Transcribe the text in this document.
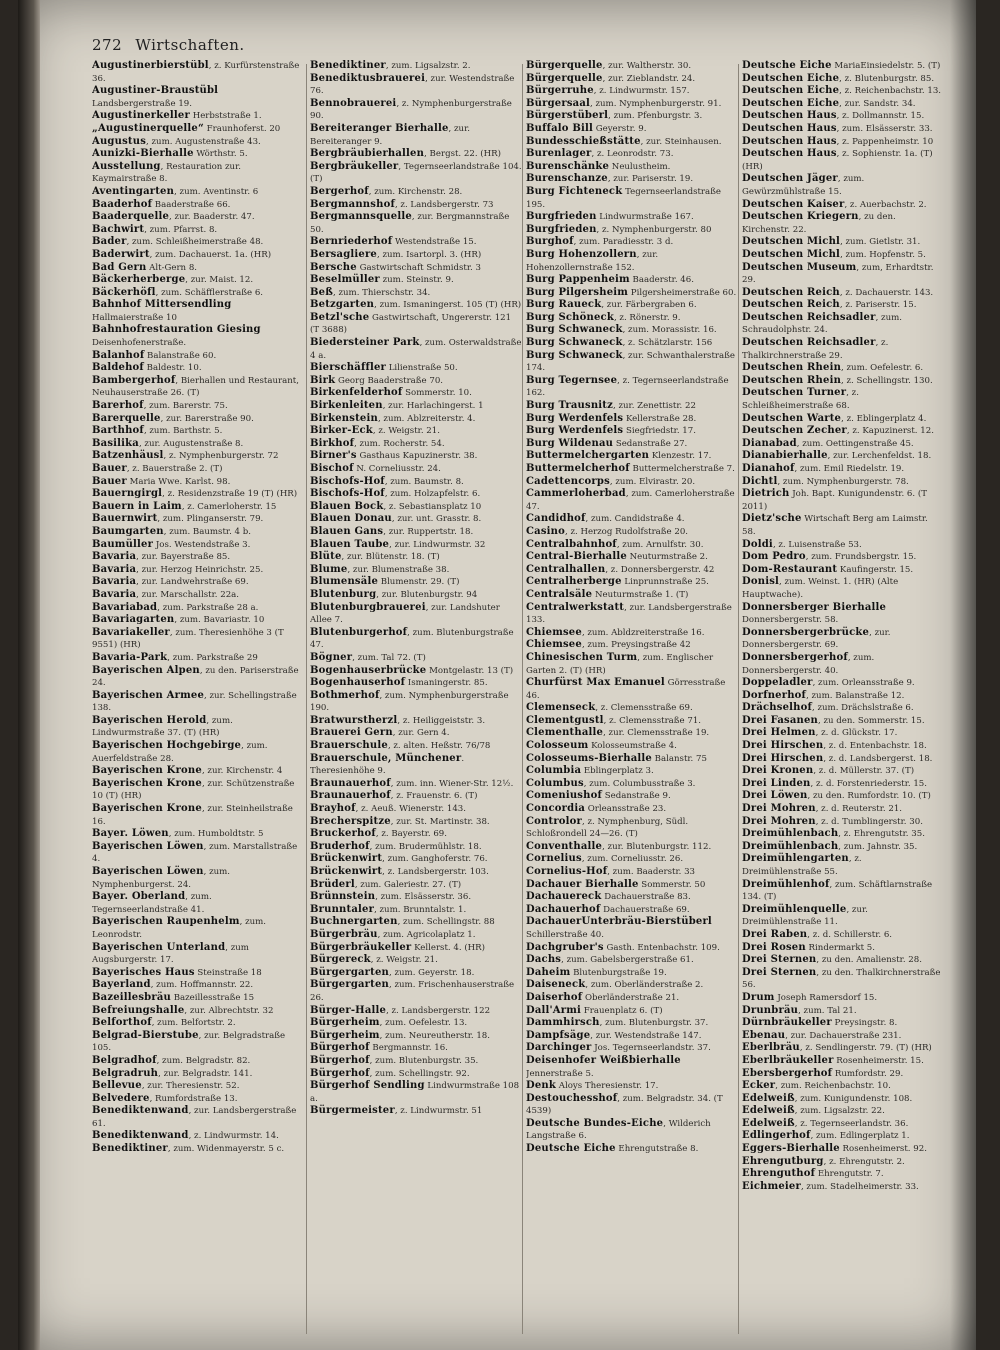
272 Wirtschaften.

Augustinerbierstübl, z. Kurfürstenstraße 36.

Augustiner-Braustübl Landsbergerstraße 19.

Augustinerkeller Herbststraße 1.

„Augustinerquelle“ Fraunhoferst. 20

Augustus, zum. Augustenstraße 43.

Aunizki-Bierhalle Wörthstr. 5.

Ausstellung, Restauration zur. Kaymairstraße 8.

Aventingarten, zum. Aventinstr. 6

Baaderhof Baaderstraße 66.

Baaderquelle, zur. Baaderstr. 47.

Bachwirt, zum. Pfarrst. 8.

Bader, zum. Schleißheimerstraße 48.

Baderwirt, zum. Dachauerst. 1a. (HR)

Bad Gern Alt-Gern 8.

Bäckerherberge, zur. Maist. 12.

Bäckerhöfl, zum. Schäfflerstraße 6.

Bahnhof Mittersendling Hallmaierstraße 10

Bahnhofrestauration Giesing Deisenhofenerstraße.

Balanhof Balanstraße 60.

Baldehof Baldestr. 10.

Bambergerhof, Bierhallen und Restaurant, Neuhauserstraße 26. (T)

Barerhof, zum. Barerstr. 75.

Barerquelle, zur. Barerstraße 90.

Barthhof, zum. Barthstr. 5.

Basilika, zur. Augustenstraße 8.

Batzenhäusl, z. Nymphenburgerstr. 72

Bauer, z. Bauerstraße 2. (T)

Bauer Maria Wwe. Karlst. 98.

Bauerngirgl, z. Residenzstraße 19 (T) (HR)

Bauern in Laim, z. Camerloherstr. 15

Bauernwirt, zum. Plinganserstr. 79.

Baumgarten, zum. Baumstr. 4 b.

Baumüller Jos. Westendstraße 3.

Bavaria, zur. Bayerstraße 85.

Bavaria, zur. Herzog Heinrichstr. 25.

Bavaria, zur. Landwehrstraße 69.

Bavaria, zur. Marschallstr. 22a.

Bavariabad, zum. Parkstraße 28 a.

Bavariagarten, zum. Bavariastr. 10

Bavariakeller, zum. Theresienhöhe 3 (T 9551) (HR)

Bavaria-Park, zum. Parkstraße 29

Bayerischen Alpen, zu den. Pariserstraße 24.

Bayerischen Armee, zur. Schellingstraße 138.

Bayerischen Herold, zum. Lindwurmstraße 37. (T) (HR)

Bayerischen Hochgebirge, zum. Auerfeldstraße 28.

Bayerischen Krone, zur. Kirchenstr. 4

Bayerischen Krone, zur. Schützenstraße 10 (T) (HR)

Bayerischen Krone, zur. Steinheilstraße 16.

Bayer. Löwen, zum. Humboldtstr. 5

Bayerischen Löwen, zum. Marstallstraße 4.

Bayerischen Löwen, zum. Nymphenburgerst. 24.

Bayer. Oberland, zum. Tegernseerlandstraße 41.

Bayerischen Raupenhelm, zum. Leonrodstr.

Bayerischen Unterland, zum Augsburgerstr. 17.

Bayerisches Haus Steinstraße 18

Bayerland, zum. Hoffmannstr. 22.

Bazeillesbräu Bazeillesstraße 15

Befreiungshalle, zur. Albrechtstr. 32

Belforthof, zum. Belfortstr. 2.

Belgrad-Bierstube, zur. Belgradstraße 105.

Belgradhof, zum. Belgradstr. 82.

Belgradruh, zur. Belgradstr. 141.

Bellevue, zur. Theresienstr. 52.

Belvedere, Rumfordstraße 13.

Benediktenwand, zur. Landsbergerstraße 61.

Benediktenwand, z. Lindwurmstr. 14.

Benediktiner, zum. Widenmayerstr. 5 c.

Benediktiner, zum. Ligsalzstr. 2.

Benediktusbrauerei, zur. Westendstraße 76.

Bennobrauerei, z. Nymphenburgerstraße 90.

Bereiteranger Bierhalle, zur. Bereiteranger 9.

Bergbräubierhallen, Bergst. 22. (HR)

Bergbräukeller, Tegernseerlandstraße 104. (T)

Bergerhof, zum. Kirchenstr. 28.

Bergmannshof, z. Landsbergerstr. 73

Bergmannsquelle, zur. Bergmannstraße 50.

Bernriederhof Westendstraße 15.

Bersagliere, zum. Isartorpl. 3. (HR)

Bersche Gastwirtschaft Schmidstr. 3

Beselmüller zum. Steinstr. 9.

Beß, zum. Thierschstr. 34.

Betzgarten, zum. Ismaningerst. 105 (T) (HR)

Betzl'sche Gastwirtschaft, Ungererstr. 121 (T 3688)

Biedersteiner Park, zum. Osterwaldstraße 4 a.

Bierschäffler Lilienstraße 50.

Birk Georg Baaderstraße 70.

Birkenfelderhof Sommerstr. 10.

Birkenleiten, zur. Harlachingerst. 1

Birkenstein, zum. Ablzreiterstr. 4.

Birker-Eck, z. Weigstr. 21.

Birkhof, zum. Rocherstr. 54.

Birner's Gasthaus Kapuzinerstr. 38.

Bischof N. Corneliusstr. 24.

Bischofs-Hof, zum. Baumstr. 8.

Bischofs-Hof, zum. Holzapfelstr. 6.

Blauen Bock, z. Sebastiansplatz 10

Blauen Donau, zur. unt. Grasstr. 8.

Blauen Gans, zur. Ruppertstr. 18.

Blauen Taube, zur. Lindwurmstr. 32

Blüte, zur. Blütenstr. 18. (T)

Blume, zur. Blumenstraße 38.

Blumensäle Blumenstr. 29. (T)

Blutenburg, zur. Blutenburgstr. 94

Blutenburgbrauerei, zur. Landshuter Allee 7.

Blutenburgerhof, zum. Blutenburgstraße 47.

Bögner, zum. Tal 72. (T)

Bogenhauserbrücke Montgelastr. 13 (T)

Bogenhauserhof Ismaningerstr. 85.

Bothmerhof, zum. Nymphenburgerstraße 190.

Bratwurstherzl, z. Heiliggeiststr. 3.

Brauerei Gern, zur. Gern 4.

Brauerschule, z. alten. Heßstr. 76/78

Brauerschule, Münchener. Theresienhöhe 9.

Braunauerhof, zum. inn. Wiener-Str. 12½.

Braunauerhof, z. Frauenstr. 6. (T)

Brayhof, z. Aeuß. Wienerstr. 143.

Brecherspitze, zur. St. Martinstr. 38.

Bruckerhof, z. Bayerstr. 69.

Bruderhof, zum. Brudermühlstr. 18.

Brückenwirt, zum. Ganghoferstr. 76.

Brückenwirt, z. Landsbergerstr. 103.

Brüderl, zum. Galeriestr. 27. (T)

Brünnstein, zum. Elsässerstr. 36.

Brunntaler, zum. Brunntalstr. 1.

Buchnergarten, zum. Schellingstr. 88

Bürgerbräu, zum. Agricolaplatz 1.

Bürgerbräukeller Kellerst. 4. (HR)

Bürgereck, z. Weigstr. 21.

Bürgergarten, zum. Geyerstr. 18.

Bürgergarten, zum. Frischenhauserstraße 26.

Bürger-Halle, z. Landsbergerstr. 122

Bürgerheim, zum. Oefelestr. 13.

Bürgerheim, zum. Neureutherstr. 18.

Bürgerhof Bergmannstr. 16.

Bürgerhof, zum. Blutenburgstr. 35.

Bürgerhof, zum. Schellingstr. 92.

Bürgerhof Sendling Lindwurmstraße 108 a.

Bürgermeister, z. Lindwurmstr. 51

Bürgerquelle, zur. Waltherstr. 30.

Bürgerquelle, zur. Zieblandstr. 24.

Bürgerruhe, z. Lindwurmstr. 157.

Bürgersaal, zum. Nymphenburgerstr. 91.

Bürgerstüberl, zum. Pfenburgstr. 3.

Buffalo Bill Geyerstr. 9.

Bundesschießstätte, zur. Steinhausen.

Burenlager, z. Leonrodstr. 73.

Burenschänke Neulustheim.

Burenschanze, zur. Pariserstr. 19.

Burg Fichteneck Tegernseerlandstraße 195.

Burgfrieden Lindwurmstraße 167.

Burgfrieden, z. Nymphenburgerstr. 80

Burghof, zum. Paradiesstr. 3 d.

Burg Hohenzollern, zur. Hohenzollernstraße 152.

Burg Pappenheim Baaderstr. 46.

Burg Pilgersheim Pilgersheimerstraße 60.

Burg Raueck, zur. Färbergraben 6.

Burg Schöneck, z. Rönerstr. 9.

Burg Schwaneck, zum. Morassistr. 16.

Burg Schwaneck, z. Schätzlarstr. 156

Burg Schwaneck, zur. Schwanthalerstraße 174.

Burg Tegernsee, z. Tegernseerlandstraße 162.

Burg Trausnitz, zur. Zenettistr. 22

Burg Werdenfels Kellerstraße 28.

Burg Werdenfels Siegfriedstr. 17.

Burg Wildenau Sedanstraße 27.

Buttermelchergarten Klenzestr. 17.

Buttermelcherhof Buttermelcherstraße 7.

Cadettencorps, zum. Elvirastr. 20.

Cammerloherbad, zum. Camerloherstraße 47.

Candidhof, zum. Candidstraße 4.

Casino, z. Herzog Rudolfstraße 20.

Centralbahnhof, zum. Arnulfstr. 30.

Central-Bierhalle Neuturmstraße 2.

Centralhallen, z. Donnersbergerstr. 42

Centralherberge Linprunnstraße 25.

Centralsäle Neuturmstraße 1. (T)

Centralwerkstatt, zur. Landsbergerstraße 133.

Chiemsee, zum. Abldzreiterstraße 16.

Chiemsee, zum. Preysingstraße 42

Chinesischen Turm, zum. Englischer Garten 2. (T) (HR)

Churfürst Max Emanuel Görresstraße 46.

Clemenseck, z. Clemensstraße 69.

Clementgustl, z. Clemensstraße 71.

Clementhalle, zur. Clemensstraße 19.

Colosseum Kolosseumstraße 4.

Colosseums-Bierhalle Balanstr. 75

Columbia Eblingerplatz 3.

Columbus, zum. Columbusstraße 3.

Comeniushof Sedanstraße 9.

Concordia Orleansstraße 23.

Controlor, z. Nymphenburg, Südl. Schloßrondell 24—26. (T)

Conventhalle, zur. Blutenburgstr. 112.

Cornelius, zum. Corneliusstr. 26.

Cornelius-Hof, zum. Baaderstr. 33

Dachauer Bierhalle Sommerstr. 50

Dachauereck Dachauerstraße 83.

Dachauerhof Dachauerstraße 69.

DachauerUnterbräu-Bierstüberl Schillerstraße 40.

Dachgruber's Gasth. Entenbachstr. 109.

Dachs, zum. Gabelsbergerstraße 61.

Daheim Blutenburgstraße 19.

Daiseneck, zum. Oberländerstraße 2.

Daiserhof Oberländerstraße 21.

Dall'Armi Frauenplatz 6. (T)

Dammhirsch, zum. Blutenburgstr. 37.

Dampfsäge, zur. Westendstraße 147.

Darchinger Jos. Tegernseerlandstr. 37.

Deisenhofer Weißbierhalle Jennerstraße 5.

Denk Aloys Theresienstr. 17.

Destouchesshof, zum. Belgradstr. 34. (T 4539)

Deutsche Bundes-Eiche, Wilderich Langstraße 6.

Deutsche Eiche Ehrengutstraße 8.

Deutsche Eiche MariaEinsiedelstr. 5. (T)

Deutschen Eiche, z. Blutenburgstr. 85.

Deutschen Eiche, z. Reichenbachstr. 13.

Deutschen Eiche, zur. Sandstr. 34.

Deutschen Haus, z. Dollmannstr. 15.

Deutschen Haus, zum. Elsässerstr. 33.

Deutschen Haus, z. Pappenheimstr. 10

Deutschen Haus, z. Sophienstr. 1a. (T) (HR)

Deutschen Jäger, zum. Gewürzmühlstraße 15.

Deutschen Kaiser, z. Auerbachstr. 2.

Deutschen Kriegern, zu den. Kirchenstr. 22.

Deutschen Michl, zum. Gietlstr. 31.

Deutschen Michl, zum. Hopfenstr. 5.

Deutschen Museum, zum, Erhardtstr. 29.

Deutschen Reich, z. Dachauerstr. 143.

Deutschen Reich, z. Pariserstr. 15.

Deutschen Reichsadler, zum. Schraudolphstr. 24.

Deutschen Reichsadler, z. Thalkirchnerstraße 29.

Deutschen Rhein, zum. Oefelestr. 6.

Deutschen Rhein, z. Schellingstr. 130.

Deutschen Turner, z. Schleißheimerstraße 68.

Deutschen Warte, z. Eblingerplatz 4.

Deutschen Zecher, z. Kapuzinerst. 12.

Dianabad, zum. Oettingenstraße 45.

Dianabierhalle, zur. Lerchenfeldst. 18.

Dianahof, zum. Emil Riedelstr. 19.

Dichtl, zum. Nymphenburgerstr. 78.

Dietrich Joh. Bapt. Kunigundenstr. 6. (T 2011)

Dietz'sche Wirtschaft Berg am Laimstr. 58.

Doldi, z. Luisenstraße 53.

Dom Pedro, zum. Frundsbergstr. 15.

Dom-Restaurant Kaufingerstr. 15.

Donisl, zum. Weinst. 1. (HR) (Alte Hauptwache).

Donnersberger Bierhalle Donnersbergerstr. 58.

Donnersbergerbrücke, zur. Donnersbergerstr. 69.

Donnersbergerhof, zum. Donnersbergerstr. 40.

Doppeladler, zum. Orleansstraße 9.

Dorfnerhof, zum. Balanstraße 12.

Drächselhof, zum. Drächslstraße 6.

Drei Fasanen, zu den. Sommerstr. 15.

Drei Helmen, z. d. Glückstr. 17.

Drei Hirschen, z. d. Entenbachstr. 18.

Drei Hirschen, z. d. Landsbergerst. 18.

Drei Kronen, z. d. Müllerstr. 37. (T)

Drei Linden, z. d. Forstenriederstr. 15.

Drei Löwen, zu den. Rumfordstr. 10. (T)

Drei Mohren, z. d. Reuterstr. 21.

Drei Mohren, z. d. Tumblingerstr. 30.

Dreimühlenbach, z. Ehrengutstr. 35.

Dreimühlenbach, zum. Jahnstr. 35.

Dreimühlengarten, z. Dreimühlenstraße 55.

Dreimühlenhof, zum. Schäftlarnstraße 134. (T)

Dreimühlenquelle, zur. Dreimühlenstraße 11.

Drei Raben, z. d. Schillerstr. 6.

Drei Rosen Rindermarkt 5.

Drei Sternen, zu den. Amalienstr. 28.

Drei Sternen, zu den. Thalkirchnerstraße 56.

Drum Joseph Ramersdorf 15.

Drunbräu, zum. Tal 21.

Dürnbräukeller Preysingstr. 8.

Ebenau, zur. Dachauerstraße 231.

Eberlbräu, z. Sendlingerstr. 79. (T) (HR)

Eberlbräukeller Rosenheimerstr. 15.

Ebersbergerhof Rumfordstr. 29.

Ecker, zum. Reichenbachstr. 10.

Edelweiß, zum. Kunigundenstr. 108.

Edelweiß, zum. Ligsalzstr. 22.

Edelweiß, z. Tegernseerlandstr. 36.

Edlingerhof, zum. Edlingerplatz 1.

Eggers-Bierhalle Rosenheimerst. 92.

Ehrengutburg, z. Ehrengutstr. 2.

Ehrenguthof Ehrengutstr. 7.

Eichmeier, zum. Stadelheimerstr. 33.
